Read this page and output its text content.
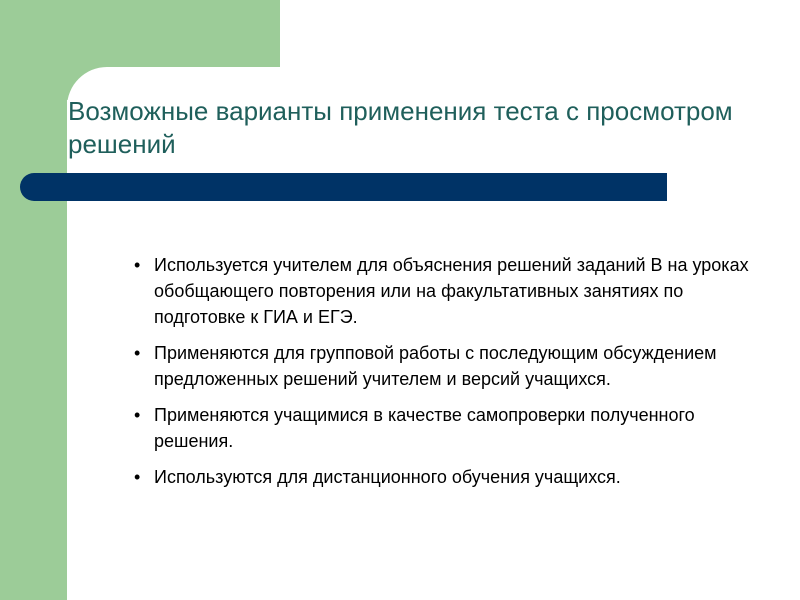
Возможные варианты применения теста с просмотром решений
• Используется учителем для объяснения решений заданий В на уроках обобщающего повторения или на факультативных занятиях по подготовке к ГИА и ЕГЭ.
• Применяются для групповой работы с последующим обсуждением предложенных решений учителем и версий учащихся.
• Применяются учащимися в качестве самопроверки полученного решения.
• Используются для дистанционного обучения учащихся.
